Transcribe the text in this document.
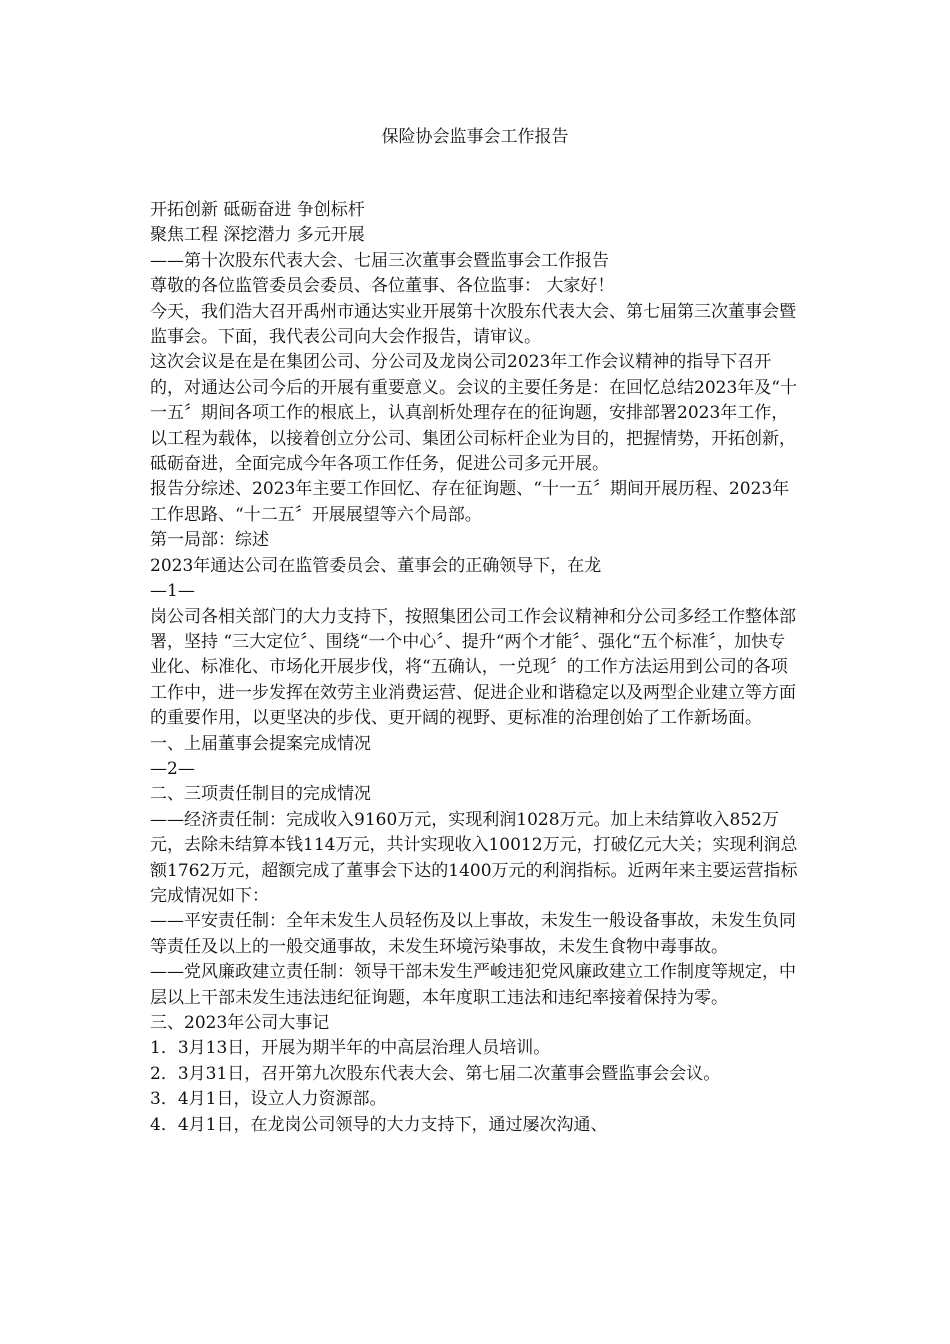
保险协会监事会工作报告

开拓创新 砥砺奋进 争创标杆

聚焦工程 深挖潜力 多元开展

——第十次股东代表大会、七届三次董事会暨监事会工作报告

尊敬的各位监管委员会委员、各位董事、各位监事： 大家好！

今天，我们浩大召开禹州市通达实业开展第十次股东代表大会、第七届第三次董事会暨监事会。下面，我代表公司向大会作报告，请审议。

这次会议是在是在集团公司、分公司及龙岗公司2023年工作会议精神的指导下召开的，对通达公司今后的开展有重要意义。会议的主要任务是：在回忆总结2023年及“十一五〞期间各项工作的根底上，认真剖析处理存在的征询题，安排部署2023年工作，以工程为载体，以接着创立分公司、集团公司标杆企业为目的，把握情势，开拓创新，砥砺奋进，全面完成今年各项工作任务，促进公司多元开展。

报告分综述、2023年主要工作回忆、存在征询题、“十一五〞期间开展历程、2023年工作思路、“十二五〞开展展望等六个局部。

第一局部：综述

2023年通达公司在监管委员会、董事会的正确领导下，在龙

—1—

岗公司各相关部门的大力支持下，按照集团公司工作会议精神和分公司多经工作整体部署，坚持 “三大定位〞、围绕“一个中心〞、提升“两个才能〞、强化“五个标准〞，加快专业化、标准化、市场化开展步伐，将“五确认，一兑现〞的工作方法运用到公司的各项工作中，进一步发挥在效劳主业消费运营、促进企业和谐稳定以及两型企业建立等方面的重要作用，以更坚决的步伐、更开阔的视野、更标准的治理创始了工作新场面。

一、上届董事会提案完成情况

—2—

二、三项责任制目的完成情况

——经济责任制：完成收入9160万元，实现利润1028万元。加上未结算收入852万元，去除未结算本钱114万元，共计实现收入10012万元，打破亿元大关；实现利润总额1762万元，超额完成了董事会下达的1400万元的利润指标。近两年来主要运营指标完成情况如下：

——平安责任制：全年未发生人员轻伤及以上事故，未发生一般设备事故，未发生负同等责任及以上的一般交通事故，未发生环境污染事故，未发生食物中毒事故。

——党风廉政建立责任制：领导干部未发生严峻违犯党风廉政建立工作制度等规定，中层以上干部未发生违法违纪征询题，本年度职工违法和违纪率接着保持为零。

三、2023年公司大事记

1．3月13日，开展为期半年的中高层治理人员培训。

2．3月31日，召开第九次股东代表大会、第七届二次董事会暨监事会会议。

3．4月1日，设立人力资源部。

4．4月1日，在龙岗公司领导的大力支持下，通过屡次沟通、
